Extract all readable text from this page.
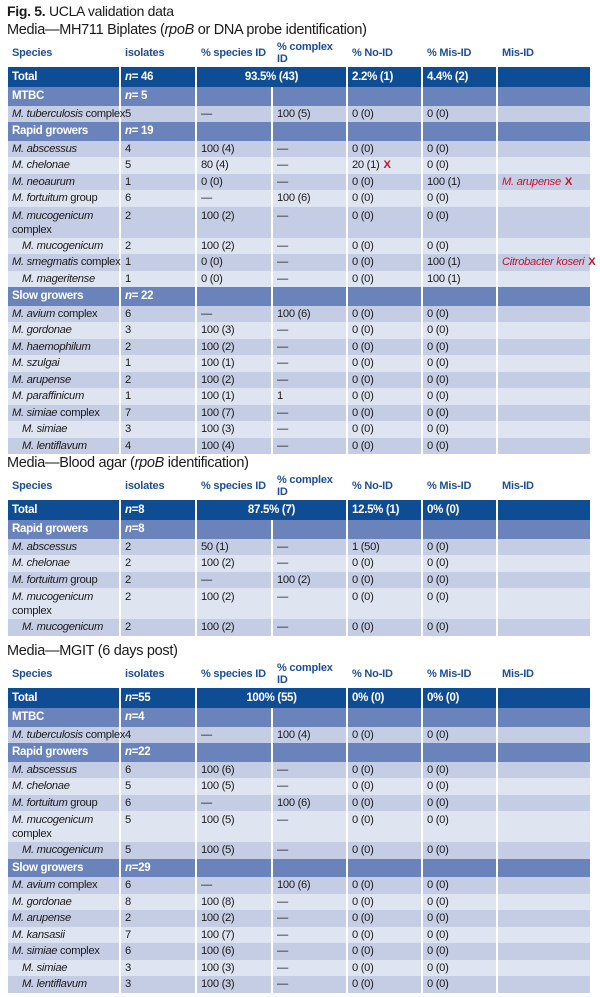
Fig. 5. UCLA validation data
Media—MH711 Biplates (rpoB or DNA probe identification)
Species	isolates	% species ID	% complex ID	% No-ID	% Mis-ID	Mis-ID
Total	n= 46	93.5% (43)		2.2% (1)	4.4% (2)	
MTBC	n= 5					
M. tuberculosis complex	5	—	100 (5)	0 (0)	0 (0)	
Rapid growers	n= 19					
M. abscessus	4	100 (4)	—	0 (0)	0 (0)	
M. chelonae	5	80 (4)	—	20 (1) X	0 (0)	
M. neoaurum	1	0 (0)	—	0 (0)	100 (1)	M. arupense X
M. fortuitum group	6	—	100 (6)	0 (0)	0 (0)	
M. mucogenicum complex	2	100 (2)	—	0 (0)	0 (0)	
M. mucogenicum	2	100 (2)	—	0 (0)	0 (0)	
M. smegmatis complex	1	0 (0)	—	0 (0)	100 (1)	Citrobacter koseri X
M. mageritense	1	0 (0)	—	0 (0)	100 (1)	
Slow growers	n= 22					
M. avium complex	6	—	100 (6)	0 (0)	0 (0)	
M. gordonae	3	100 (3)	—	0 (0)	0 (0)	
M. haemophilum	2	100 (2)	—	0 (0)	0 (0)	
M. szulgai	1	100 (1)	—	0 (0)	0 (0)	
M. arupense	2	100 (2)	—	0 (0)	0 (0)	
M. paraffinicum	1	100 (1)	1	0 (0)	0 (0)	
M. simiae complex	7	100 (7)	—	0 (0)	0 (0)	
M. simiae	3	100 (3)	—	0 (0)	0 (0)	
M. lentiflavum	4	100 (4)	—	0 (0)	0 (0)	
Media—Blood agar (rpoB identification)
Species	isolates	% species ID	% complex ID	% No-ID	% Mis-ID	Mis-ID
Total	n=8	87.5% (7)		12.5% (1)	0% (0)	
Rapid growers	n=8					
M. abscessus	2	50 (1)	—	1 (50)	0 (0)	
M. chelonae	2	100 (2)	—	0 (0)	0 (0)	
M. fortuitum group	2	—	100 (2)	0 (0)	0 (0)	
M. mucogenicum complex	2	100 (2)	—	0 (0)	0 (0)	
M. mucogenicum	2	100 (2)	—	0 (0)	0 (0)	
Media—MGIT (6 days post)
Species	isolates	% species ID	% complex ID	% No-ID	% Mis-ID	Mis-ID
Total	n=55	100% (55)		0% (0)	0% (0)	
MTBC	n=4					
M. tuberculosis complex	4	—	100 (4)	0 (0)	0 (0)	
Rapid growers	n=22					
M. abscessus	6	100 (6)	—	0 (0)	0 (0)	
M. chelonae	5	100 (5)	—	0 (0)	0 (0)	
M. fortuitum group	6	—	100 (6)	0 (0)	0 (0)	
M. mucogenicum complex	5	100 (5)	—	0 (0)	0 (0)	
M. mucogenicum	5	100 (5)	—	0 (0)	0 (0)	
Slow growers	n=29					
M. avium complex	6	—	100 (6)	0 (0)	0 (0)	
M. gordonae	8	100 (8)	—	0 (0)	0 (0)	
M. arupense	2	100 (2)	—	0 (0)	0 (0)	
M. kansasii	7	100 (7)	—	0 (0)	0 (0)	
M. simiae complex	6	100 (6)	—	0 (0)	0 (0)	
M. simiae	3	100 (3)	—	0 (0)	0 (0)	
M. lentiflavum	3	100 (3)	—	0 (0)	0 (0)	
